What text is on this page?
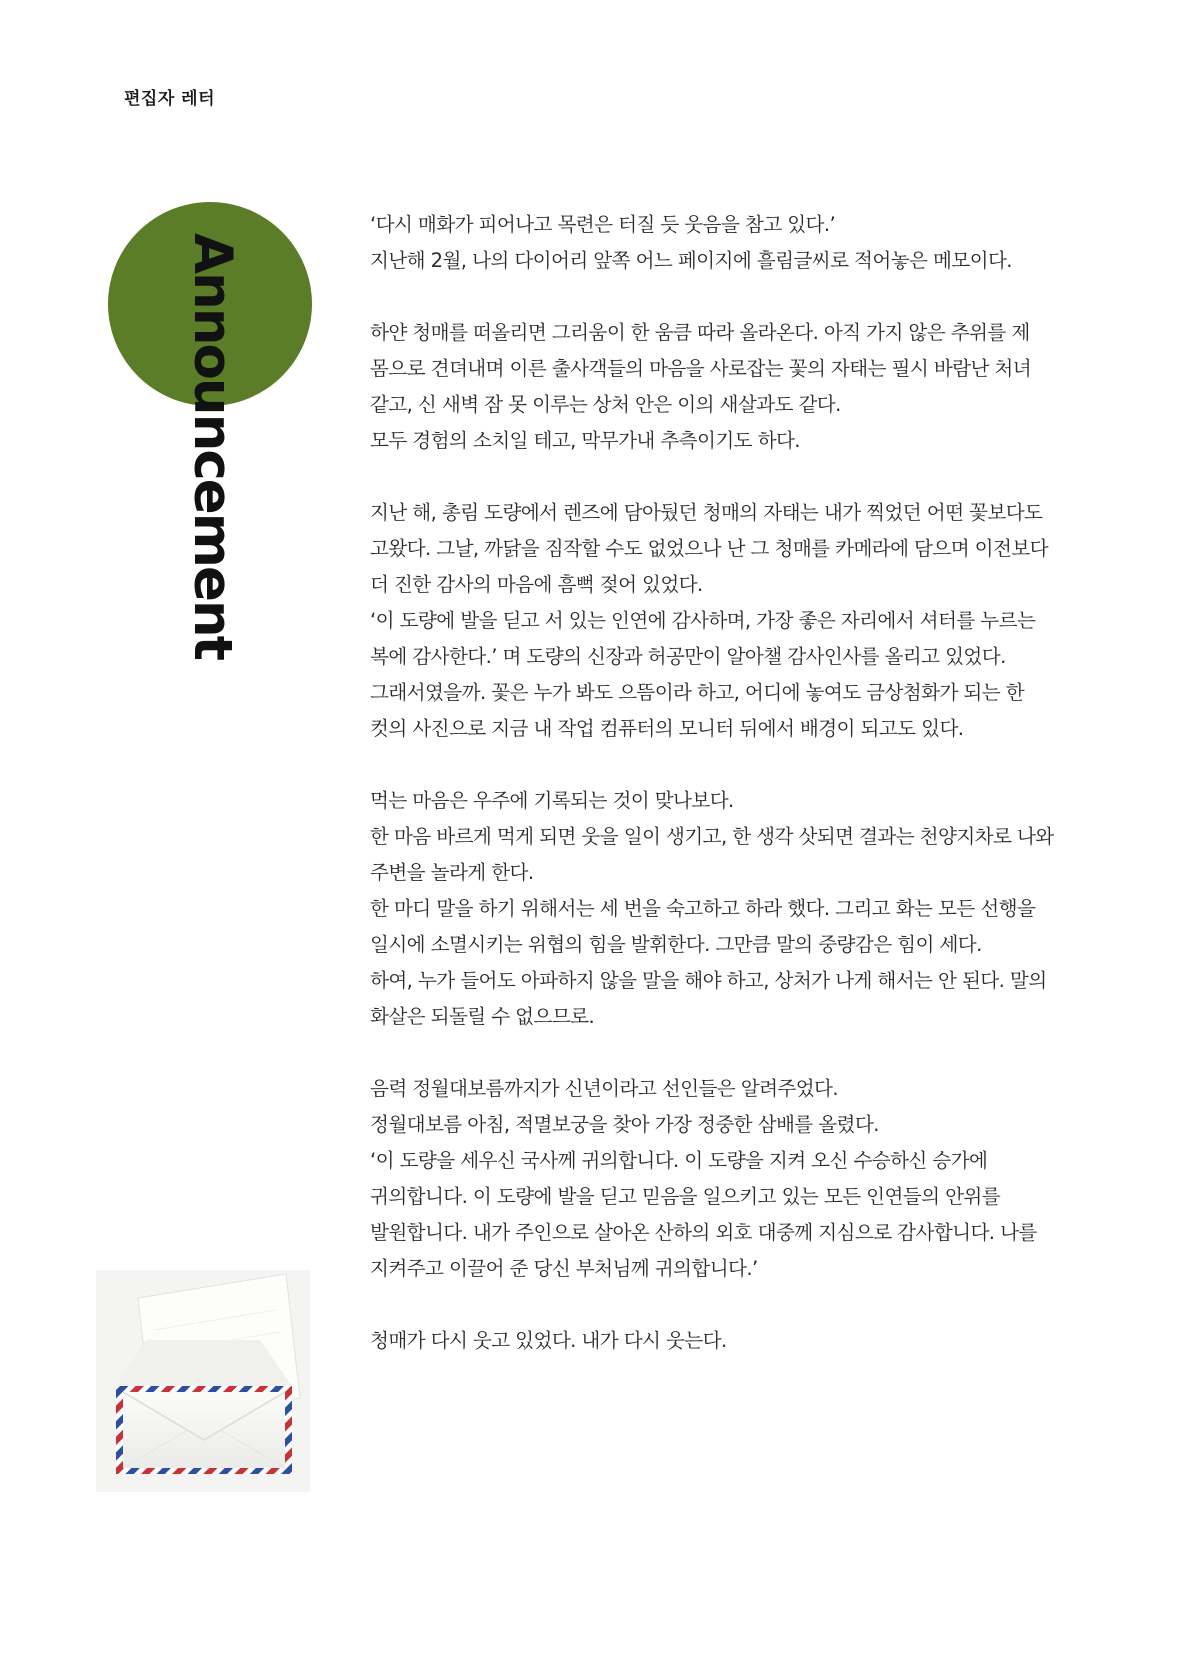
편집자 레터
Announcement

‘다시 매화가 피어나고 목련은 터질 듯 웃음을 참고 있다.’
지난해 2월, 나의 다이어리 앞쪽 어느 페이지에 흘림글씨로 적어놓은 메모이다.

하얀 청매를 떠올리면 그리움이 한 움큼 따라 올라온다. 아직 가지 않은 추위를 제 몸으로 견뎌내며 이른 출사객들의 마음을 사로잡는 꽃의 자태는 필시 바람난 처녀 같고, 신 새벽 잠 못 이루는 상처 안은 이의 새살과도 같다.
모두 경험의 소치일 테고, 막무가내 추측이기도 하다.

지난 해, 총림 도량에서 렌즈에 담아뒀던 청매의 자태는 내가 찍었던 어떤 꽃보다도 고왔다. 그날, 까닭을 짐작할 수도 없었으나 난 그 청매를 카메라에 담으며 이전보다 더 진한 감사의 마음에 흠뻑 젖어 있었다.
‘이 도량에 발을 딛고 서 있는 인연에 감사하며, 가장 좋은 자리에서 셔터를 누르는 복에 감사한다.’ 며 도량의 신장과 허공만이 알아챌 감사인사를 올리고 있었다.
그래서였을까. 꽃은 누가 봐도 으뜸이라 하고, 어디에 놓여도 금상첨화가 되는 한 컷의 사진으로 지금 내 작업 컴퓨터의 모니터 뒤에서 배경이 되고도 있다.

먹는 마음은 우주에 기록되는 것이 맞나보다.
한 마음 바르게 먹게 되면 웃을 일이 생기고, 한 생각 삿되면 결과는 천양지차로 나와 주변을 놀라게 한다.
한 마디 말을 하기 위해서는 세 번을 숙고하고 하라 했다. 그리고 화는 모든 선행을 일시에 소멸시키는 위협의 힘을 발휘한다. 그만큼 말의 중량감은 힘이 세다.
하여, 누가 들어도 아파하지 않을 말을 해야 하고, 상처가 나게 해서는 안 된다. 말의 화살은 되돌릴 수 없으므로.

음력 정월대보름까지가 신년이라고 선인들은 알려주었다.
정월대보름 아침, 적멸보궁을 찾아 가장 정중한 삼배를 올렸다.
‘이 도량을 세우신 국사께 귀의합니다. 이 도량을 지켜 오신 수승하신 승가에 귀의합니다. 이 도량에 발을 딛고 믿음을 일으키고 있는 모든 인연들의 안위를 발원합니다. 내가 주인으로 살아온 산하의 외호 대중께 지심으로 감사합니다. 나를 지켜주고 이끌어 준 당신 부처님께 귀의합니다.’

청매가 다시 웃고 있었다. 내가 다시 웃는다.
